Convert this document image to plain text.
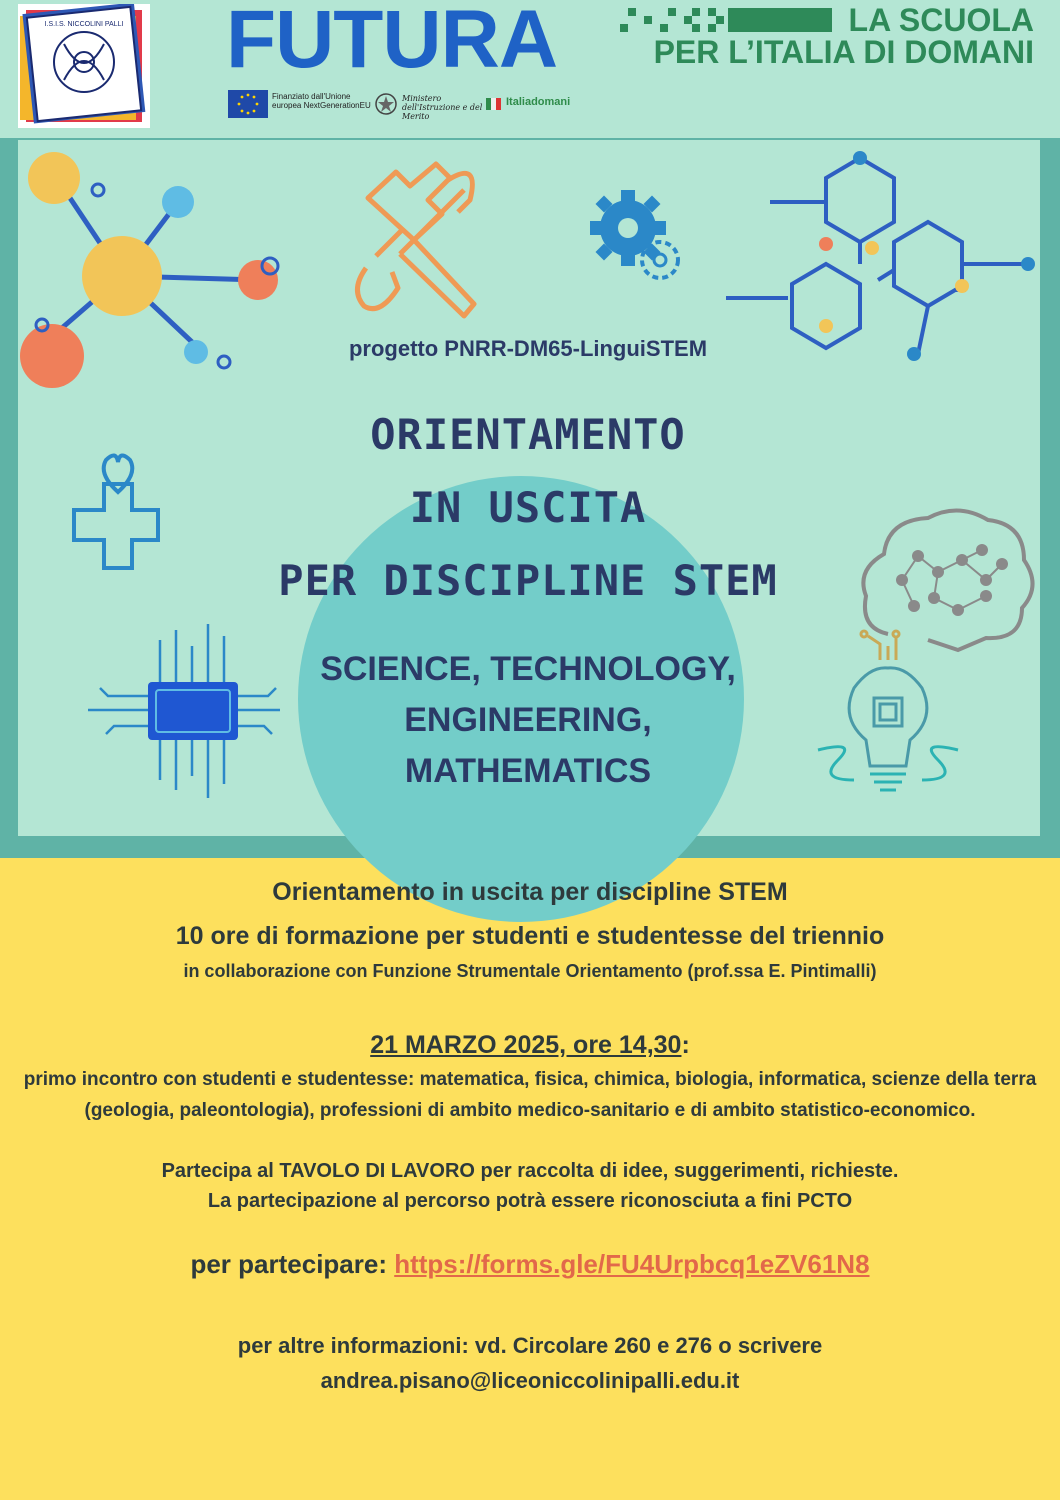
I.S.I.S. NICCOLINI PALLI FUTURA	LA SCUOLA
PER L’ITALIA DI DOMANI
Finanziato dall'Unione europea NextGenerationEU
Ministero dell'Istruzione e del Merito
Italiadomani
progetto PNRR-DM65-LinguiSTEM
ORIENTAMENTO
IN USCITA
PER DISCIPLINE STEM
SCIENCE, TECHNOLOGY,
ENGINEERING,
MATHEMATICS
Orientamento in uscita per discipline STEM
10 ore di formazione per studenti e studentesse del triennio
in collaborazione con Funzione Strumentale Orientamento (prof.ssa E. Pintimalli)
21 MARZO 2025, ore 14,30:
primo incontro con studenti e studentesse: matematica, fisica, chimica, biologia, informatica, scienze della terra (geologia, paleontologia), professioni di ambito medico-sanitario e di ambito statistico-economico.
Partecipa al TAVOLO DI LAVORO per raccolta di idee, suggerimenti, richieste.
La partecipazione al percorso potrà essere riconosciuta a fini PCTO
per partecipare: https://forms.gle/FU4Urpbcq1eZV61N8
per altre informazioni: vd. Circolare 260 e 276 o scrivere
andrea.pisano@liceoniccolinipalli.edu.it
